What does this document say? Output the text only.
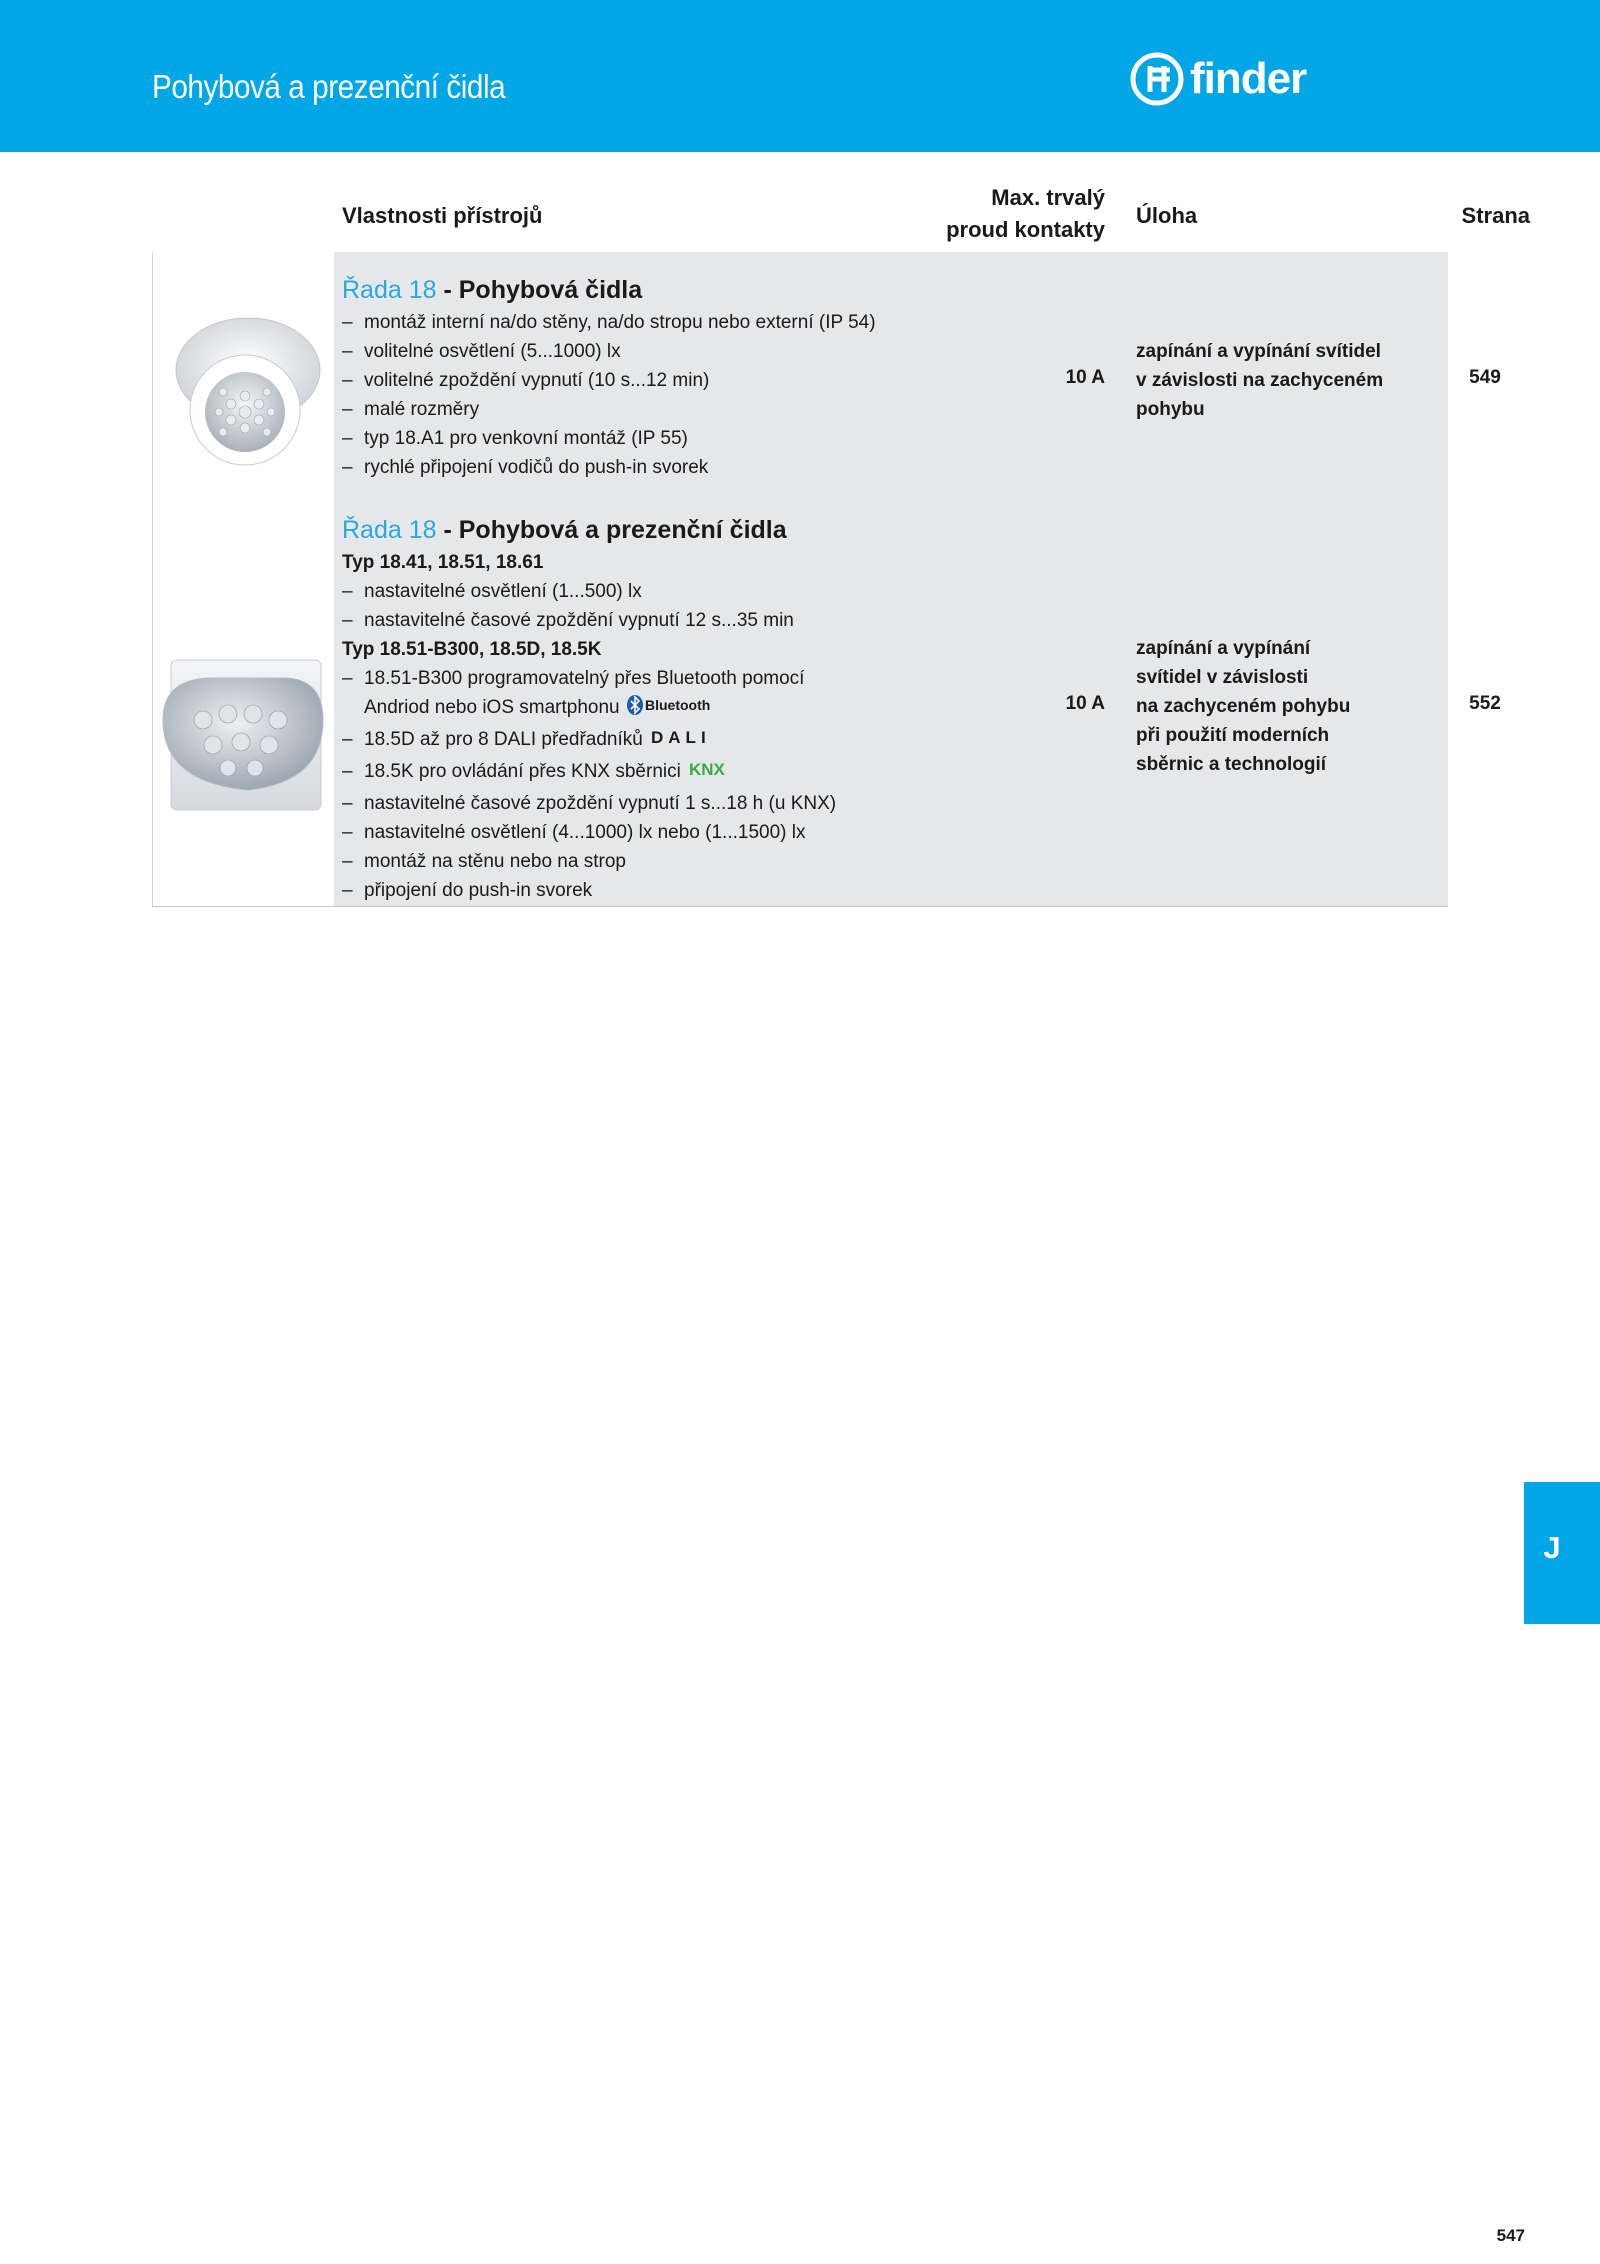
Pohybová a prezenční čidla	finder
Vlastnosti přístrojů
Max. trvalý
proud kontakty
Úloha	Strana
Řada 18 - Pohybová čidla
– montáž interní na/do stěny, na/do stropu nebo externí (IP 54)
– volitelné osvětlení (5...1000) lx
– volitelné zpoždění vypnutí (10 s...12 min)
– malé rozměry
– typ 18.A1 pro venkovní montáž (IP 55)
– rychlé připojení vodičů do push-in svorek
10 A
zapínání a vypínání svítidel
v závislosti na zachyceném
pohybu
549
Řada 18 - Pohybová a prezenční čidla
Typ 18.41, 18.51, 18.61
– nastavitelné osvětlení (1...500) lx
– nastavitelné časové zpoždění vypnutí 12 s...35 min
Typ 18.51-B300, 18.5D, 18.5K
– 18.51-B300 programovatelný přes Bluetooth pomocí
Andriod nebo iOS smartphonu Bluetooth
– 18.5D až pro 8 DALI předřadníků DALI
– 18.5K pro ovládání přes KNX sběrnici KNX
– nastavitelné časové zpoždění vypnutí 1 s...18 h (u KNX)
– nastavitelné osvětlení (4...1000) lx nebo (1...1500) lx
– montáž na stěnu nebo na strop
– připojení do push-in svorek
10 A
zapínání a vypínání
svítidel v závislosti
na zachyceném pohybu
při použití moderních
sběrnic a technologií
552
J
547
